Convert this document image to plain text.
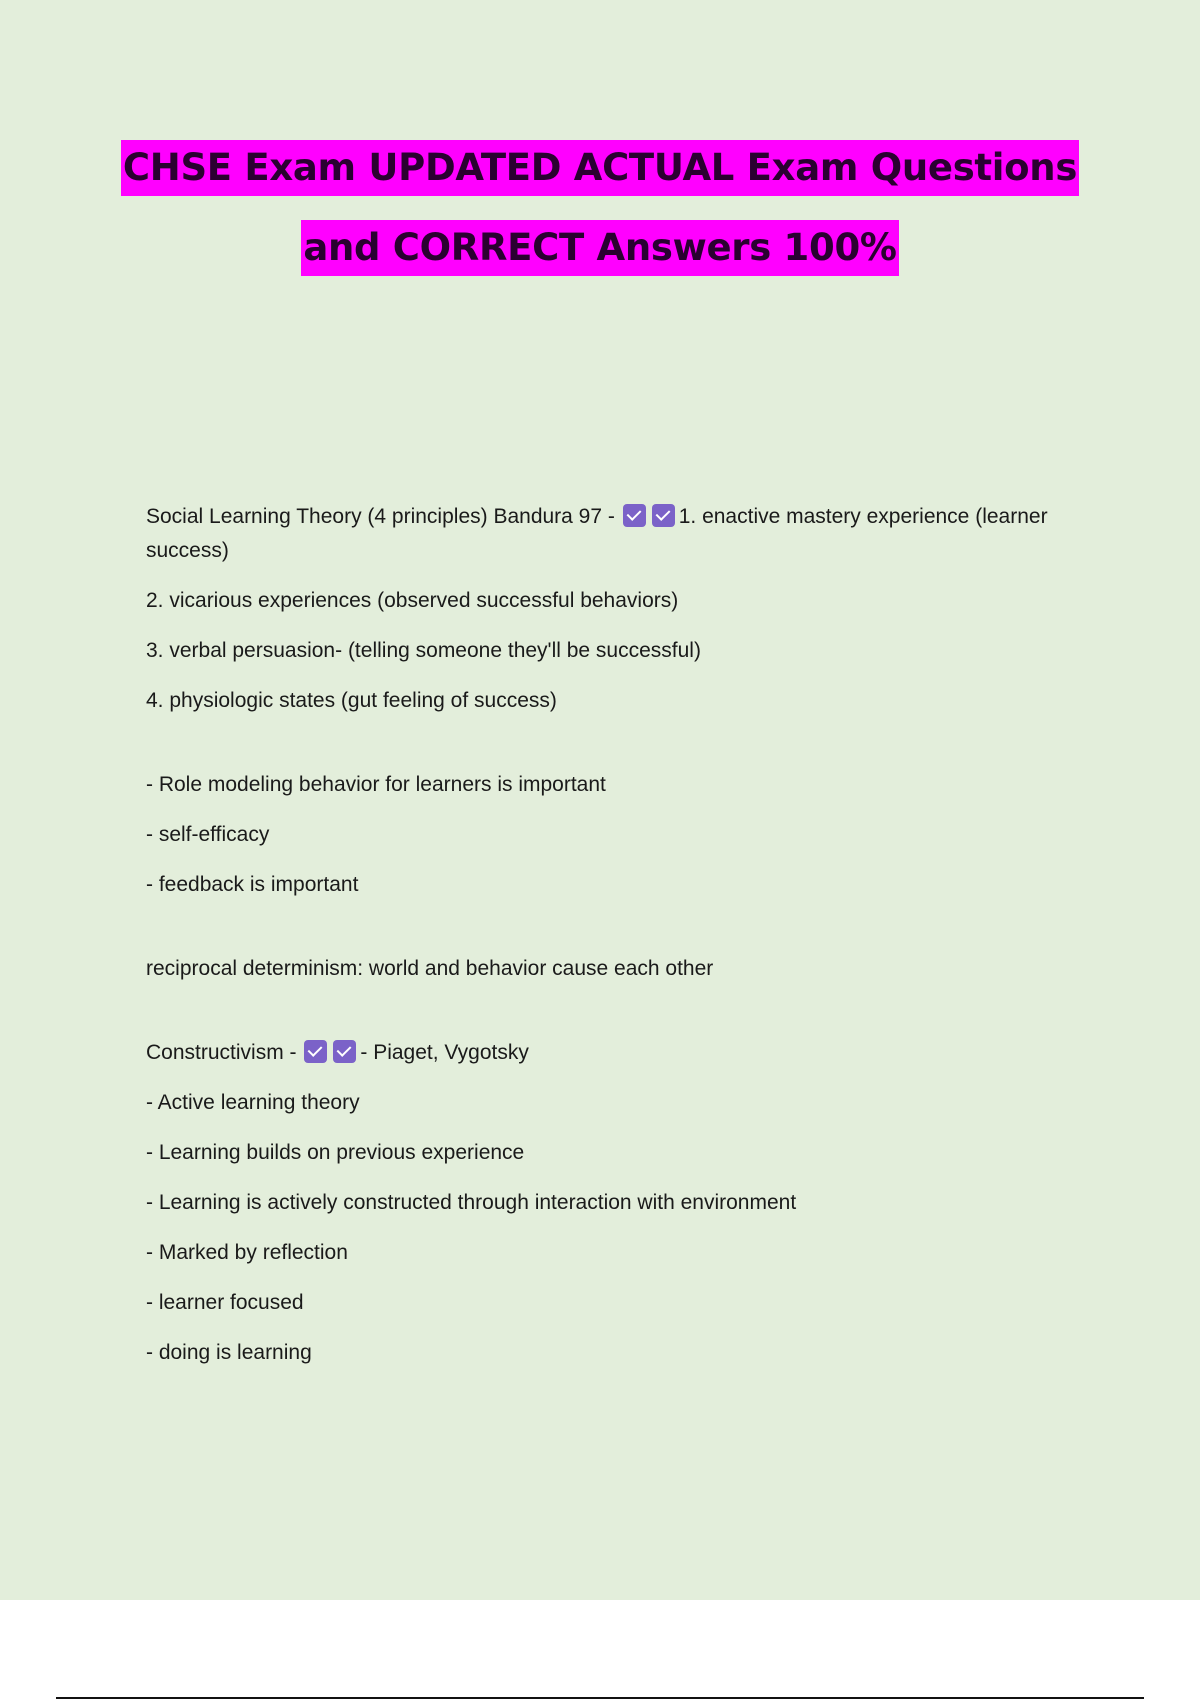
CHSE Exam UPDATED ACTUAL Exam Questions
and CORRECT Answers 100%

Social Learning Theory (4 principles) Bandura 97 -	1. enactive mastery experience (learner success)

2. vicarious experiences (observed successful behaviors)

3. verbal persuasion- (telling someone they'll be successful)

4. physiologic states (gut feeling of success)

- Role modeling behavior for learners is important

- self-efficacy

- feedback is important

reciprocal determinism: world and behavior cause each other

Constructivism -	- Piaget, Vygotsky

- Active learning theory

- Learning builds on previous experience

- Learning is actively constructed through interaction with environment

- Marked by reflection

- learner focused

- doing is learning
